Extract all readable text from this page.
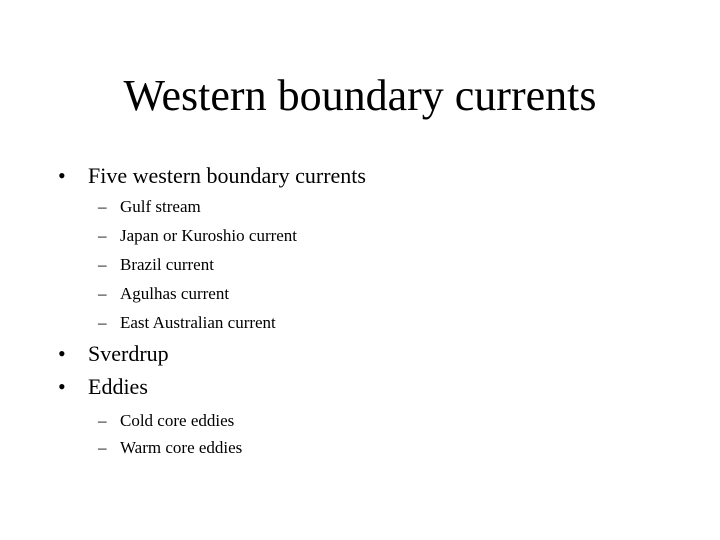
Western boundary currents
• Five western boundary currents
– Gulf stream
– Japan or Kuroshio current
– Brazil current
– Agulhas current
– East Australian current
• Sverdrup
• Eddies
– Cold core eddies
– Warm core eddies
